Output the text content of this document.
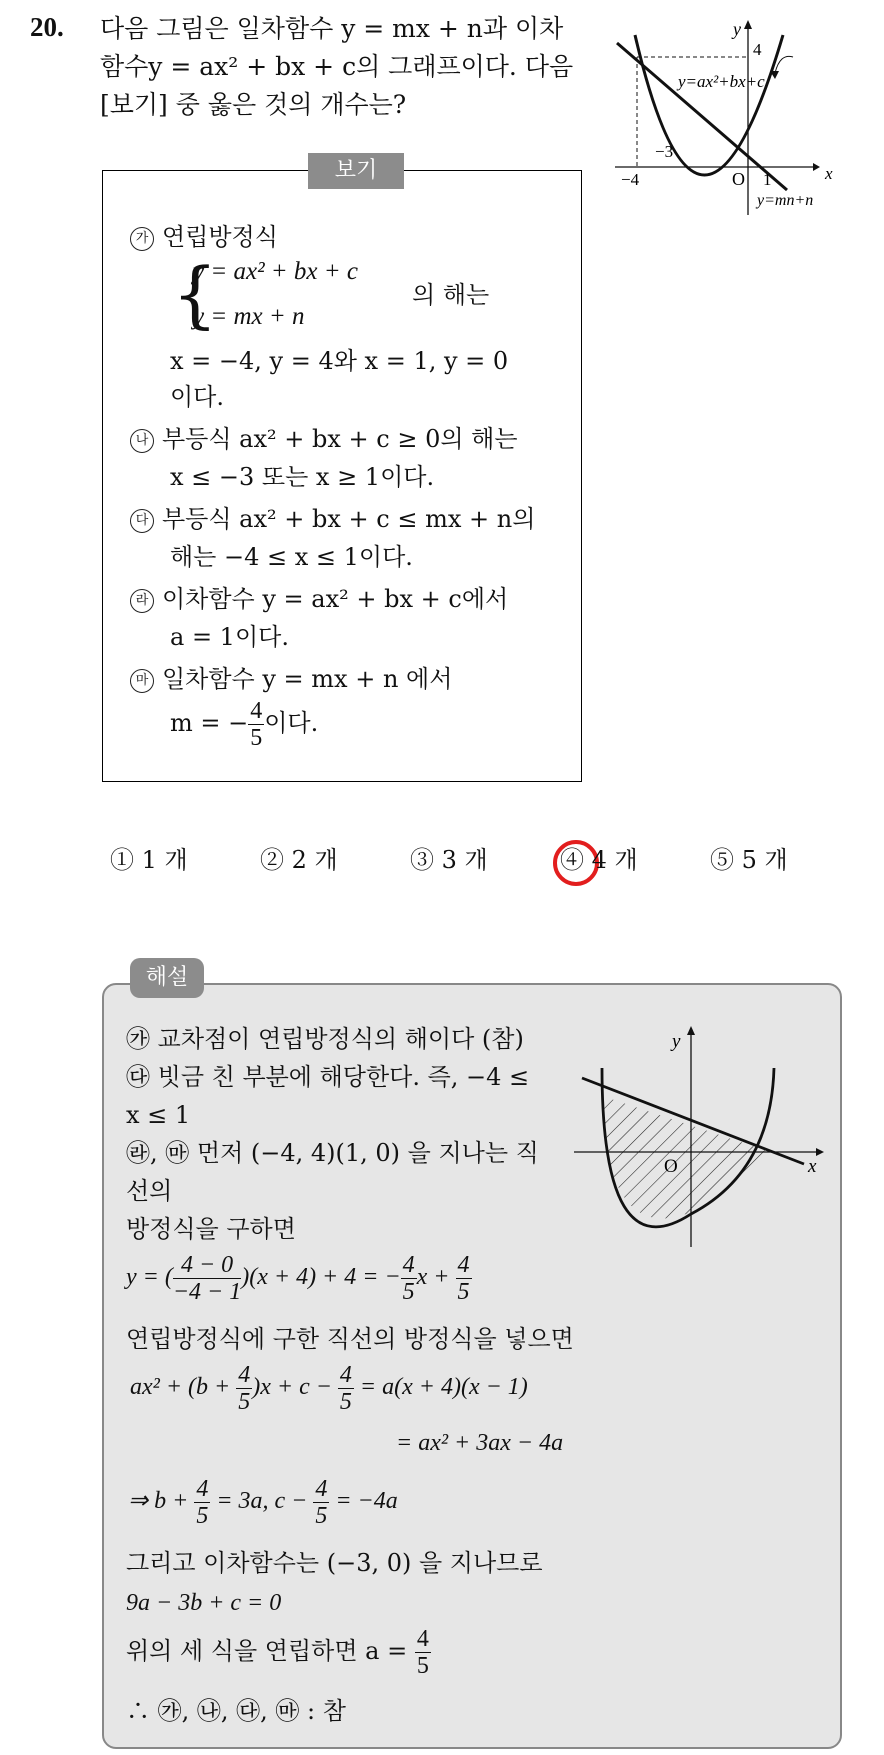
20. 다음 그림은 일차함수 y = mx + n과 이차
함수y = ax² + bx + c의 그래프이다. 다음
[보기] 중 옳은 것의 개수는?
y
x
4
−3
−4	O 1
y=ax²+bx+c
y=mn+n
보기
가 연립방정식
{
y = ax² + bx + c
y = mx + n
의 해는
x = −4, y = 4와 x = 1, y = 0
이다.
나 부등식 ax² + bx + c ≥ 0의 해는
x ≤ −3 또는 x ≥ 1이다.
다 부등식 ax² + bx + c ≤ mx + n의
해는 −4 ≤ x ≤ 1이다.
라 이차함수 y = ax² + bx + c에서
a = 1이다.
마 일차함수 y = mx + n 에서
m = − $\frac{4}{5}$ 이다.
① 1 개	② 2 개	③ 3 개	④ 4 개	⑤ 5 개
해설
㉮ 교차점이 연립방정식의 해이다 (참)
㉰ 빗금 친 부분에 해당한다. 즉, −4 ≤
x ≤ 1
㉱, ㉲ 먼저 (−4, 4)(1, 0) 을 지나는 직
선의
방정식을 구하면
y
x
O
y = ( $\frac{4 - 0}{-4 - 1} )(x + 4) + 4$ = − $\frac{4}{5}$ $x + \frac{4}{5}$
연립방정식에 구한 직선의 방정식을 넣으면
$ax^2 + (b + \frac{4}{5} )x + c - \frac{4}{5} = a(x + 4)(x - 1)$
= ax² + 3ax − 4a
⇒ $b + \frac{4}{5} = 3a$, $c - \frac{4}{5} = -4a$
그리고 이차함수는 (−3, 0) 을 지나므로
9a − 3b + c = 0
위의 세 식을 연립하면 $a = \frac{4}{5}$
∴ ㉮, ㉯, ㉰, ㉲ : 참
